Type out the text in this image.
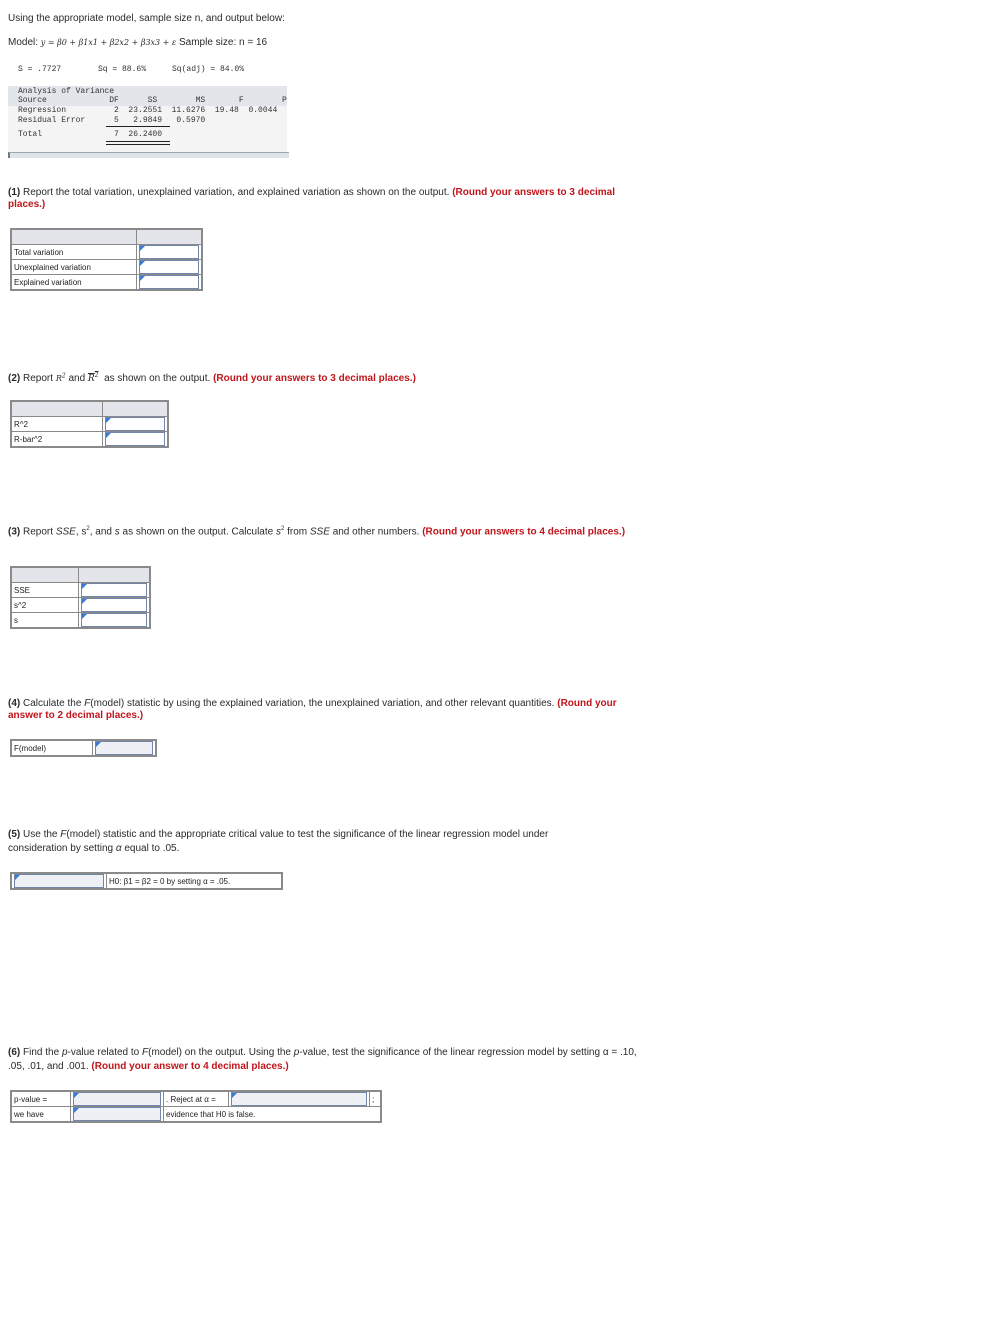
Using the appropriate model, sample size n, and output below:
Model: y = β0 + β1x1 + β2x2 + β3x3 + ε Sample size: n = 16
S = .7727	Sq = 88.6%	Sq(adj) = 84.0%
Analysis of Variance
Source             DF      SS        MS       F        P
Regression          2  23.2551  11.6276  19.48  0.0044
Residual Error      5   2.9849   0.5970
Total               7  26.2400
(1) Report the total variation, unexplained variation, and explained variation as shown on the output. (Round your answers to 3 decimal places.)

Total variation	

Unexplained variation	

Explained variation	
(2) Report $R^2$ and $R^2$ as shown on the output. (Round your answers to 3 decimal places.)

R^2	

R-bar^2	
(3) Report SSE, $s^2$, and s as shown on the output. Calculate $s^2$ from SSE and other numbers. (Round your answers to 4 decimal places.)

SSE	

s^2	

s	
(4) Calculate the F(model) statistic by using the explained variation, the unexplained variation, and other relevant quantities. (Round your answer to 2 decimal places.)
F(model)	
(5) Use the F(model) statistic and the appropriate critical value to test the significance of the linear regression model under consideration by setting α equal to .05.
	H0: β1 = β2 = 0 by setting α = .05.
(6) Find the p-value related to F(model) on the output. Using the p-value, test the significance of the linear regression model by setting α = .10, .05, .01, and .001. (Round your answer to 4 decimal places.)
p-value =		. Reject at α =		;
we have		evidence that H0 is false.		
